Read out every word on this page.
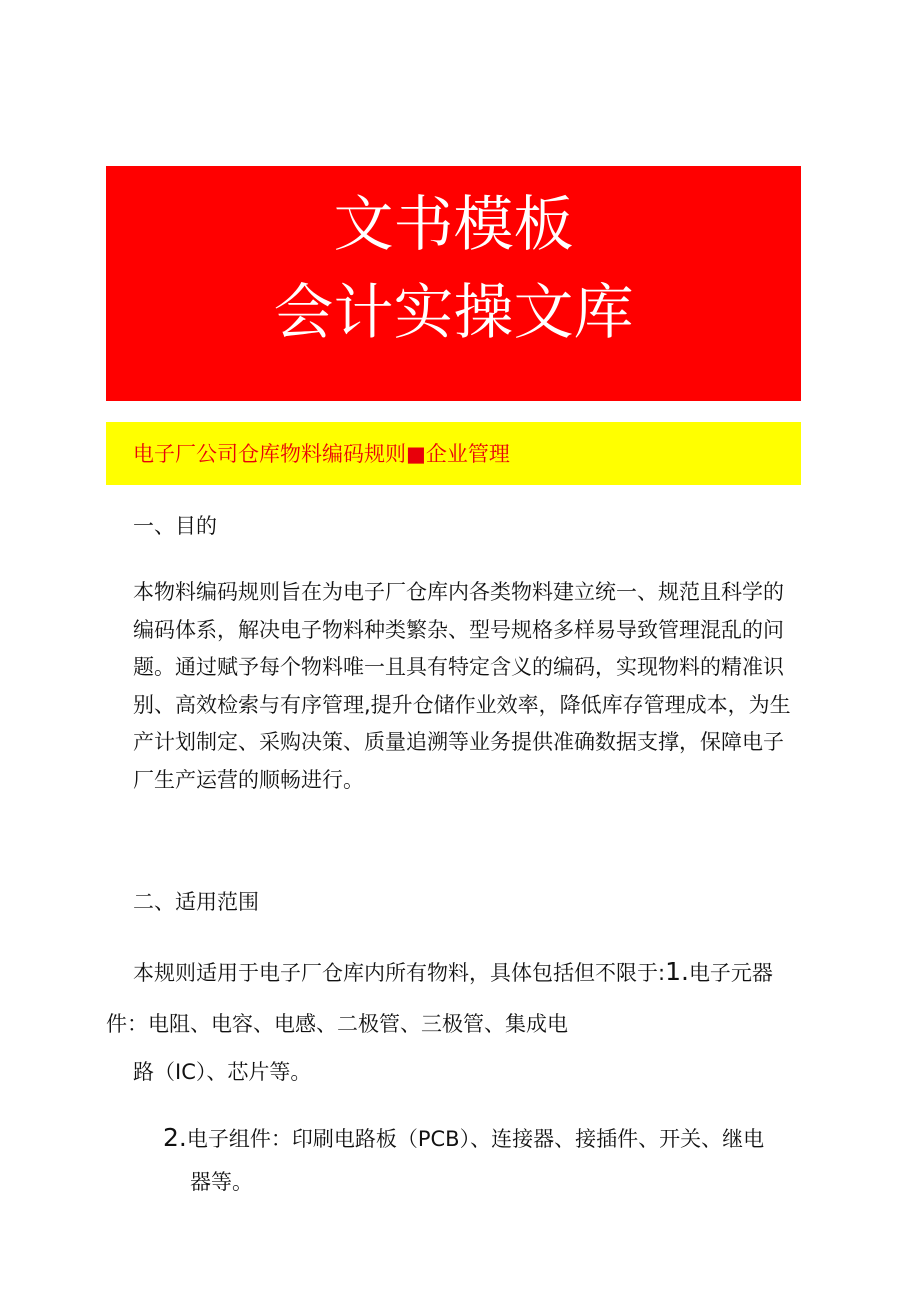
文书模板
会计实操文库
电子厂公司仓库物料编码规则■企业管理
一、目的

本物料编码规则旨在为电子厂仓库内各类物料建立统一、规范且科学的编码体系，解决电子物料种类繁杂、型号规格多样易导致管理混乱的问题。通过赋予每个物料唯一且具有特定含义的编码，实现物料的精准识别、高效检索与有序管理,提升仓储作业效率，降低库存管理成本，为生产计划制定、采购决策、质量追溯等业务提供准确数据支撑，保障电子厂生产运营的顺畅进行。

二、适用范围
本规则适用于电子厂仓库内所有物料，具体包括但不限于:1.电子元器
件：电阻、电容、电感、二极管、三极管、集成电
路（IC）、芯片等。
2.电子组件：印刷电路板（PCB）、连接器、接插件、开关、继电
器等。
